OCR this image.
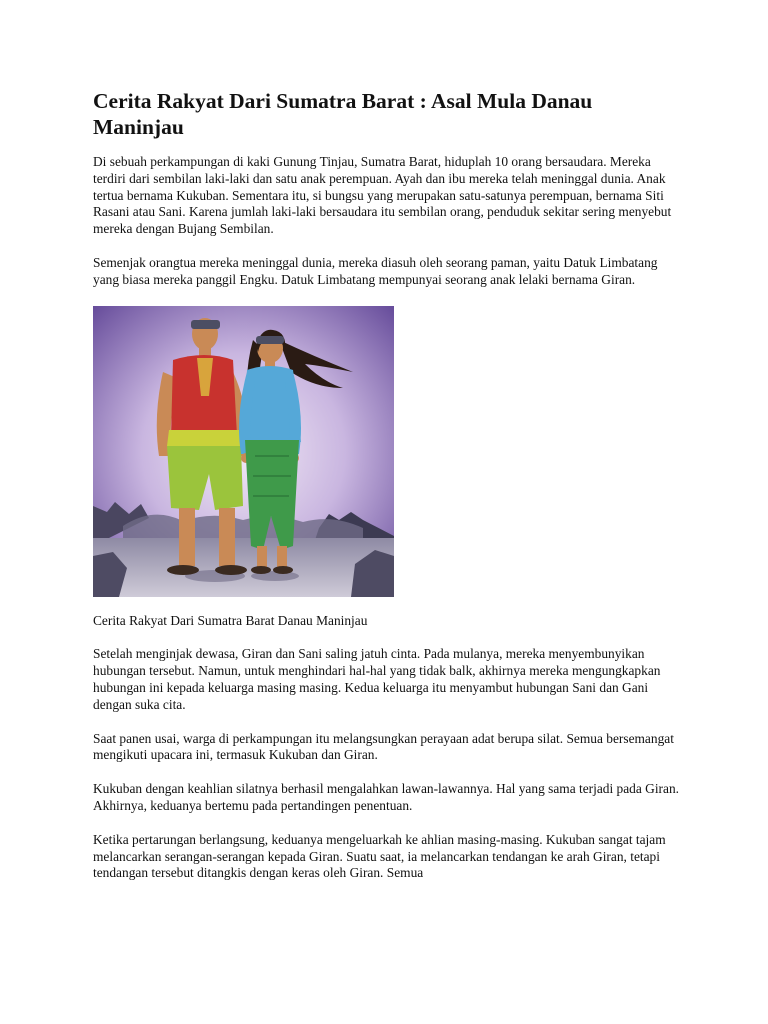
Cerita Rakyat Dari Sumatra Barat : Asal Mula Danau Maninjau

Di sebuah perkampungan di kaki Gunung Tinjau, Sumatra Barat, hiduplah 10 orang bersaudara. Mereka terdiri dari sembilan laki-laki dan satu anak perempuan. Ayah dan ibu mereka telah meninggal dunia. Anak tertua bernama Kukuban. Sementara itu, si bungsu yang merupakan satu-satunya perempuan, bernama Siti Rasani atau Sani. Karena jumlah laki-laki bersaudara itu sembilan orang, penduduk sekitar sering menyebut mereka dengan Bujang Sembilan.

Semenjak orangtua mereka meninggal dunia, mereka diasuh oleh seorang paman, yaitu Datuk Limbatang yang biasa mereka panggil Engku. Datuk Limbatang mempunyai seorang anak lelaki bernama Giran.

Cerita Rakyat Dari Sumatra Barat Danau Maninjau

Setelah menginjak dewasa, Giran dan Sani saling jatuh cinta. Pada mulanya, mereka menyembunyikan hubungan tersebut. Namun, untuk menghindari hal-hal yang tidak balk, akhirnya mereka mengungkapkan hubungan ini kepada keluarga masing masing. Kedua keluarga itu menyambut hubungan Sani dan Gani dengan suka cita.

Saat panen usai, warga di perkampungan itu melangsungkan perayaan adat berupa silat. Semua bersemangat mengikuti upacara ini, termasuk Kukuban dan Giran.

Kukuban dengan keahlian silatnya berhasil mengalahkan lawan-lawannya. Hal yang sama terjadi pada Giran. Akhirnya, keduanya bertemu pada pertandingen penentuan.

Ketika pertarungan berlangsung, keduanya mengeluarkah ke ahlian masing-masing. Kukuban sangat tajam melancarkan serangan-serangan kepada Giran. Suatu saat, ia melancarkan tendangan ke arah Giran, tetapi tendangan tersebut ditangkis dengan keras oleh Giran. Semua
